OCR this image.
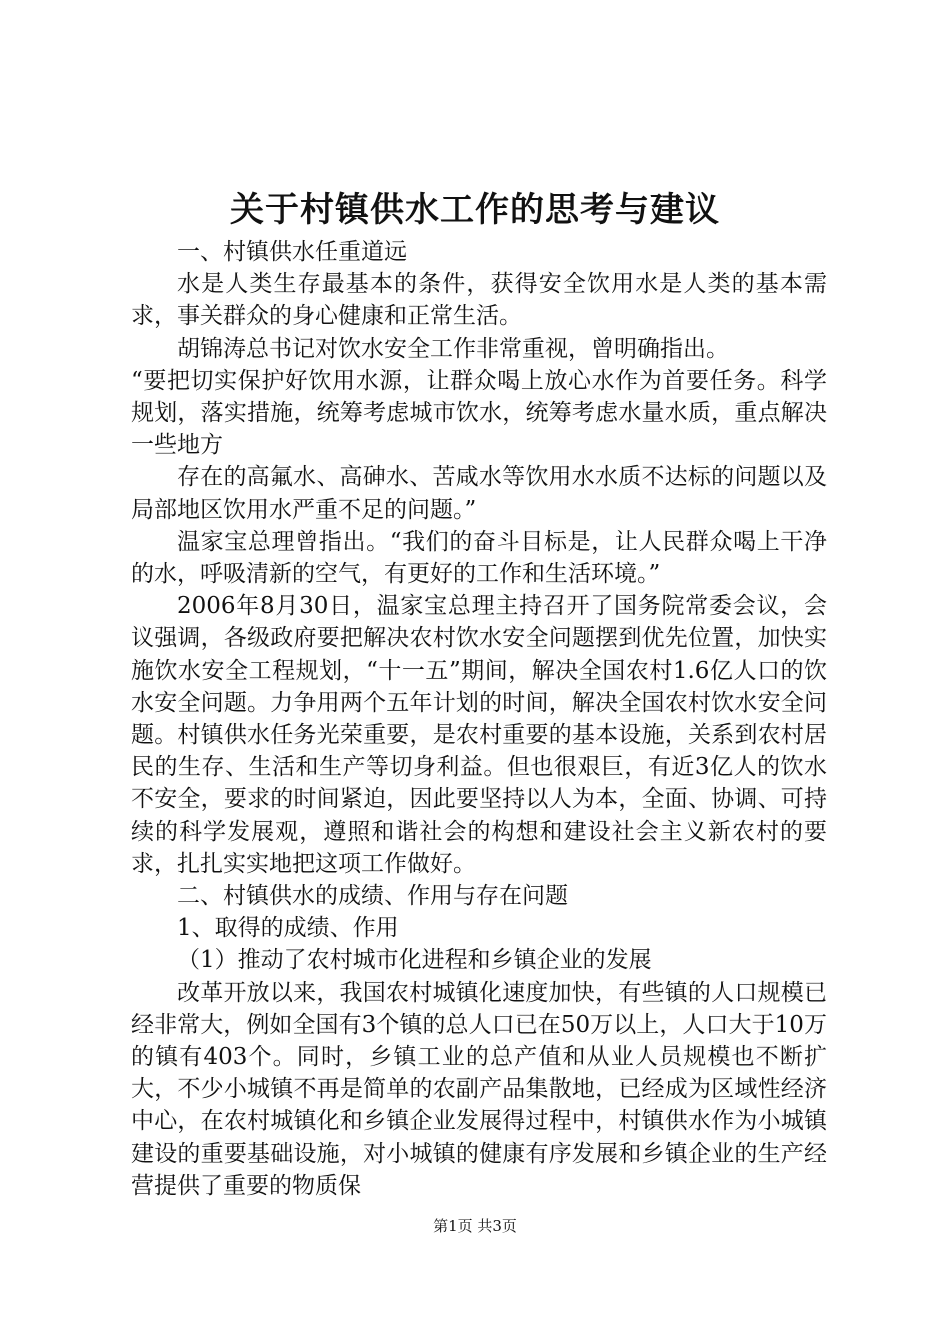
关于村镇供水工作的思考与建议

一、村镇供水任重道远

水是人类生存最基本的条件，获得安全饮用水是人类的基本需求，事关群众的身心健康和正常生活。

胡锦涛总书记对饮水安全工作非常重视，曾明确指出。

“要把切实保护好饮用水源，让群众喝上放心水作为首要任务。科学规划，落实措施，统筹考虑城市饮水，统筹考虑水量水质，重点解决一些地方

存在的高氟水、高砷水、苦咸水等饮用水水质不达标的问题以及局部地区饮用水严重不足的问题。”

温家宝总理曾指出。“我们的奋斗目标是，让人民群众喝上干净的水，呼吸清新的空气，有更好的工作和生活环境。”

2006年8月30日，温家宝总理主持召开了国务院常委会议，会议强调，各级政府要把解决农村饮水安全问题摆到优先位置，加快实施饮水安全工程规划，“十一五”期间，解决全国农村1.6亿人口的饮水安全问题。力争用两个五年计划的时间，解决全国农村饮水安全问题。村镇供水任务光荣重要，是农村重要的基本设施，关系到农村居民的生存、生活和生产等切身利益。但也很艰巨，有近3亿人的饮水不安全，要求的时间紧迫，因此要坚持以人为本，全面、协调、可持续的科学发展观，遵照和谐社会的构想和建设社会主义新农村的要求，扎扎实实地把这项工作做好。

二、村镇供水的成绩、作用与存在问题

1、取得的成绩、作用

（1）推动了农村城市化进程和乡镇企业的发展

改革开放以来，我国农村城镇化速度加快，有些镇的人口规模已经非常大，例如全国有3个镇的总人口已在50万以上，人口大于10万的镇有403个。同时，乡镇工业的总产值和从业人员规模也不断扩大，不少小城镇不再是简单的农副产品集散地，已经成为区域性经济中心，在农村城镇化和乡镇企业发展得过程中，村镇供水作为小城镇建设的重要基础设施，对小城镇的健康有序发展和乡镇企业的生产经营提供了重要的物质保

第1页 共3页
